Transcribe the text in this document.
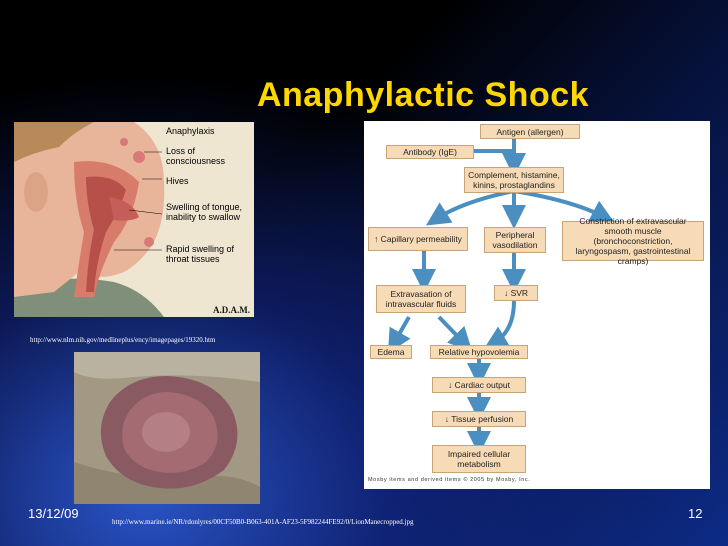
Anaphylactic Shock
Anaphylaxis
Loss of
consciousness
Hives
Swelling of tongue,
inability to swallow
Rapid swelling of
throat tissues
A.D.A.M.
http://www.nlm.nih.gov/medlineplus/ency/imagepages/19320.htm
http://www.marine.ie/NR/rdonlyres/00CF50B0-B063-401A-AF23-5F982244FE92/0/LionManecropped.jpg
Antigen (allergen)
Antibody (IgE)
Complement, histamine, kinins, prostaglandins
↑ Capillary permeability	Peripheral vasodilation
Constriction of extravascular smooth muscle (bronchoconstriction, laryngospasm, gastrointestinal cramps)
Extravasation of intravascular fluids
↓ SVR
Edema	Relative hypovolemia
↓ Cardiac output
↓ Tissue perfusion
Impaired cellular metabolism
Mosby items and derived items © 2005 by Mosby, Inc.
13/12/09	12
